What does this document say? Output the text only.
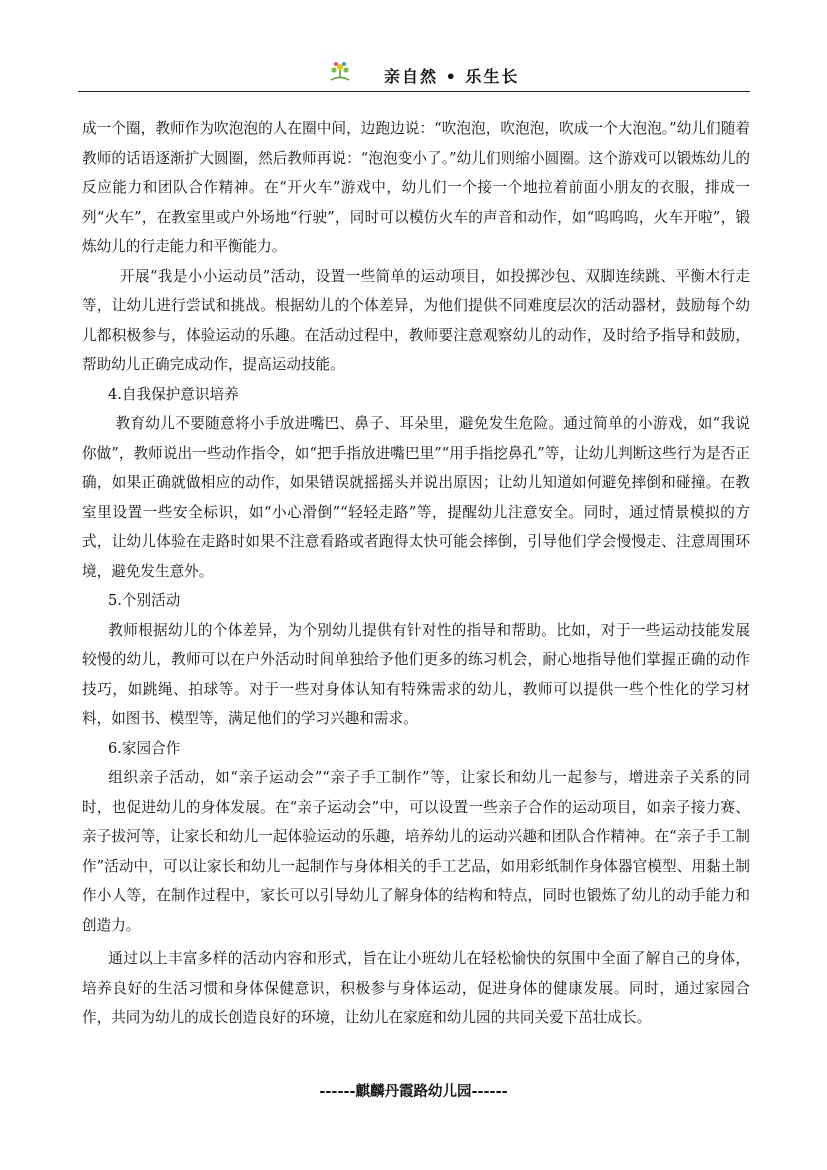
亲自然 • 乐生长

成一个圈，教师作为吹泡泡的人在圈中间，边跑边说：“吹泡泡，吹泡泡，吹成一个大泡泡。”幼儿们随着教师的话语逐渐扩大圆圈，然后教师再说：“泡泡变小了。”幼儿们则缩小圆圈。这个游戏可以锻炼幼儿的反应能力和团队合作精神。在“开火车”游戏中，幼儿们一个接一个地拉着前面小朋友的衣服，排成一列“火车”，在教室里或户外场地“行驶”，同时可以模仿火车的声音和动作，如“呜呜呜，火车开啦”，锻炼幼儿的行走能力和平衡能力。

开展“我是小小运动员”活动，设置一些简单的运动项目，如投掷沙包、双脚连续跳、平衡木行走等，让幼儿进行尝试和挑战。根据幼儿的个体差异，为他们提供不同难度层次的活动器材，鼓励每个幼儿都积极参与，体验运动的乐趣。在活动过程中，教师要注意观察幼儿的动作，及时给予指导和鼓励，帮助幼儿正确完成动作，提高运动技能。

4.自我保护意识培养

教育幼儿不要随意将小手放进嘴巴、鼻子、耳朵里，避免发生危险。通过简单的小游戏，如“我说你做”，教师说出一些动作指令，如“把手指放进嘴巴里”“用手指挖鼻孔”等，让幼儿判断这些行为是否正确，如果正确就做相应的动作，如果错误就摇摇头并说出原因；让幼儿知道如何避免摔倒和碰撞。在教室里设置一些安全标识，如“小心滑倒”“轻轻走路”等，提醒幼儿注意安全。同时，通过情景模拟的方式，让幼儿体验在走路时如果不注意看路或者跑得太快可能会摔倒，引导他们学会慢慢走、注意周围环境，避免发生意外。

5.个别活动

教师根据幼儿的个体差异，为个别幼儿提供有针对性的指导和帮助。比如，对于一些运动技能发展较慢的幼儿，教师可以在户外活动时间单独给予他们更多的练习机会，耐心地指导他们掌握正确的动作技巧，如跳绳、拍球等。对于一些对身体认知有特殊需求的幼儿，教师可以提供一些个性化的学习材料，如图书、模型等，满足他们的学习兴趣和需求。

6.家园合作

组织亲子活动，如“亲子运动会”“亲子手工制作”等，让家长和幼儿一起参与，增进亲子关系的同时，也促进幼儿的身体发展。在“亲子运动会”中，可以设置一些亲子合作的运动项目，如亲子接力赛、亲子拔河等，让家长和幼儿一起体验运动的乐趣，培养幼儿的运动兴趣和团队合作精神。在“亲子手工制作”活动中，可以让家长和幼儿一起制作与身体相关的手工艺品，如用彩纸制作身体器官模型、用黏土制作小人等，在制作过程中，家长可以引导幼儿了解身体的结构和特点，同时也锻炼了幼儿的动手能力和创造力。

通过以上丰富多样的活动内容和形式，旨在让小班幼儿在轻松愉快的氛围中全面了解自己的身体，培养良好的生活习惯和身体保健意识，积极参与身体运动，促进身体的健康发展。同时，通过家园合作，共同为幼儿的成长创造良好的环境，让幼儿在家庭和幼儿园的共同关爱下茁壮成长。

------麒麟丹霞路幼儿园------
